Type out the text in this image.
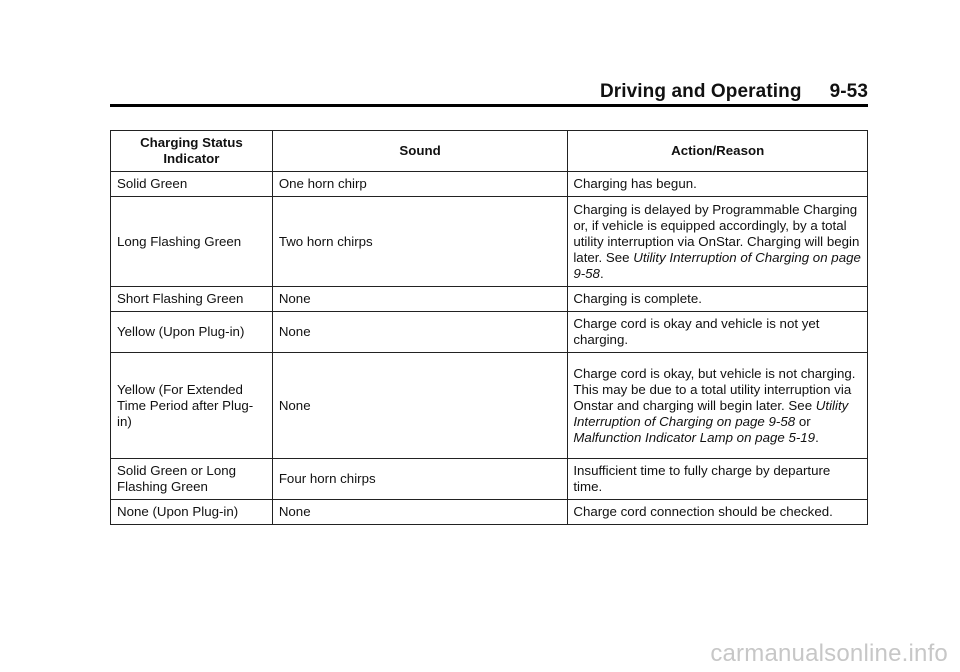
Driving and Operating 9-53
Charging Status Indicator	Sound	Action/Reason
Solid Green	One horn chirp	Charging has begun.
Long Flashing Green	Two horn chirps	Charging is delayed by Programmable Charging or, if vehicle is equipped accordingly, by a total utility interruption via OnStar. Charging will begin later. See Utility Interruption of Charging on page 9-58.
Short Flashing Green	None	Charging is complete.
Yellow (Upon Plug-in)	None	Charge cord is okay and vehicle is not yet charging.
Yellow (For Extended Time Period after Plug-in)	None	Charge cord is okay, but vehicle is not charging. This may be due to a total utility interruption via Onstar and charging will begin later. See Utility Interruption of Charging on page 9-58 or Malfunction Indicator Lamp on page 5-19.
Solid Green or Long Flashing Green	Four horn chirps	Insufficient time to fully charge by departure time.
None (Upon Plug-in)	None	Charge cord connection should be checked.
carmanualsonline.info
